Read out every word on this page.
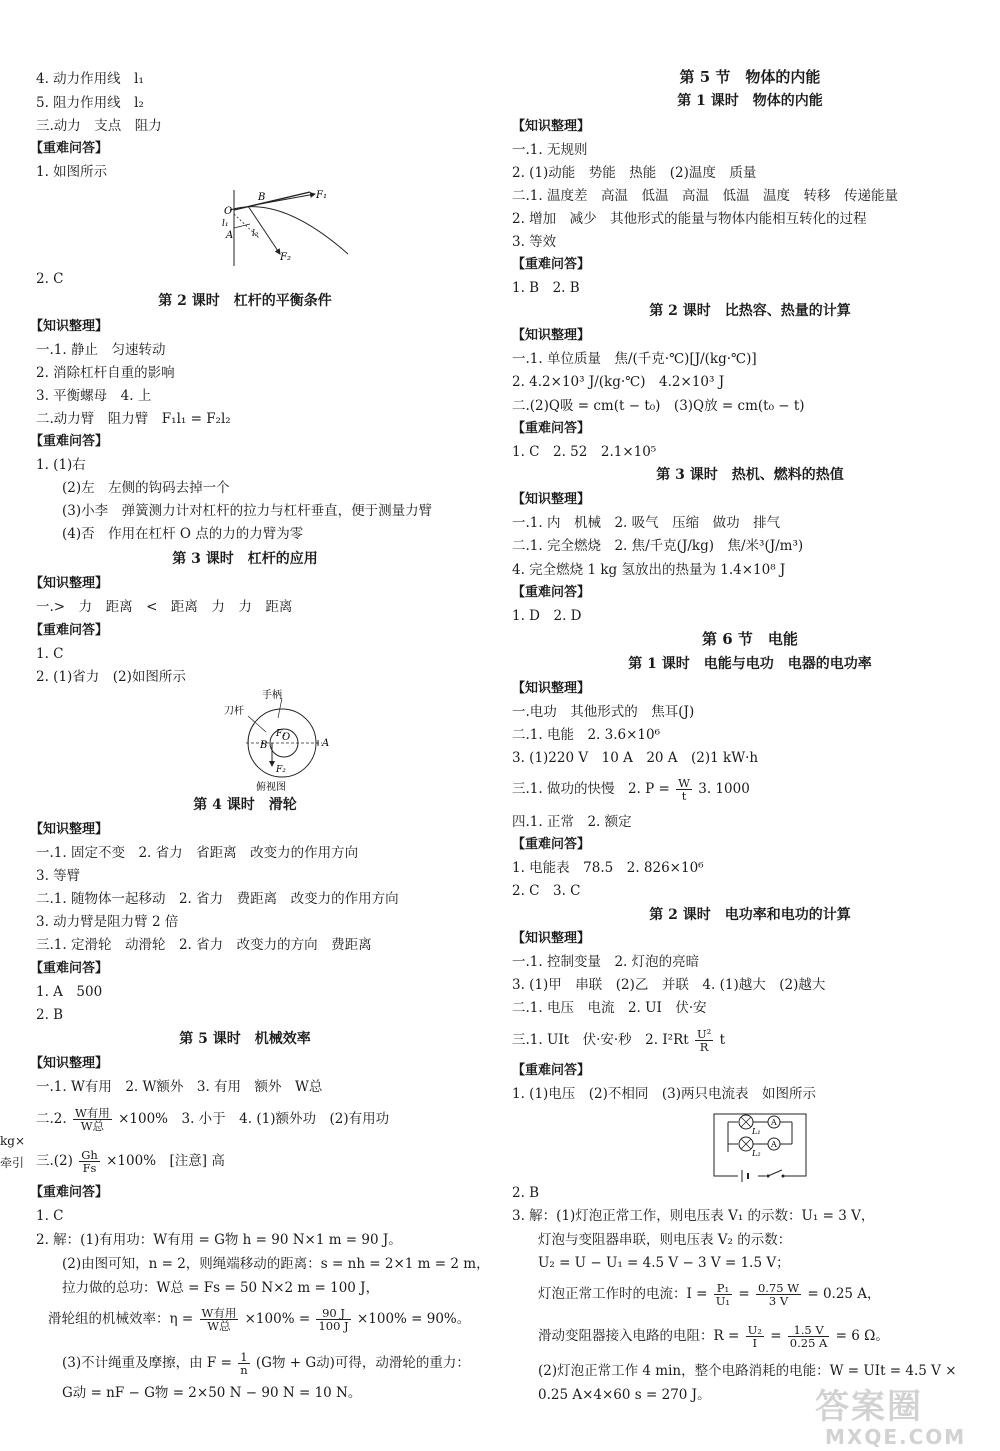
4. 动力作用线　l₁
5. 阻力作用线　l₂
三.动力　支点　阻力
【重难问答】
1. 如图所示
O
B	F₁
l₁
A l₂
F₂
2. C
第 2 课时　杠杆的平衡条件
【知识整理】
一.1. 静止　匀速转动
2. 消除杠杆自重的影响
3. 平衡螺母　4. 上
二.动力臂　阻力臂　F₁l₁ = F₂l₂
【重难问答】
1. (1)右
(2)左　左侧的钩码去掉一个
(3)小李　弹簧测力计对杠杆的拉力与杠杆垂直，便于测量力臂
(4)否　作用在杠杆 O 点的力的力臂为零
第 3 课时　杠杆的应用
【知识整理】
一.>　力　距离　<　距离　力　力　距离
【重难问答】
1. C
2. (1)省力　(2)如图所示
手柄
刀杆
B
O
A
F₁
F₂
俯视图
第 4 课时　滑轮
【知识整理】
一.1. 固定不变　2. 省力　省距离　改变力的作用方向
3. 等臂
二.1. 随物体一起移动　2. 省力　费距离　改变力的作用方向
3. 动力臂是阻力臂 2 倍
三.1. 定滑轮　动滑轮　2. 省力　改变力的方向　费距离
【重难问答】
1. A　500
2. B
第 5 课时　机械效率
【知识整理】
一.1. W有用　2. W额外　3. 有用　额外　W总
二.2. $\frac{\text{W有用}}{\text{W总}} \times 100\%$　3. 小于　4. (1)额外功　(2)有用功
三$.(2) \frac{Gh}{Fs} \times 100\%$　[注意] 高
【重难问答】
1. C
2. 解：(1)有用功：W有用 = G物 h = 90 N×1 m = 90 J。
(2)由图可知，n = 2，则绳端移动的距离：s = nh = 2×1 m = 2 m，
拉力做的总功：W总 = Fs = 50 N×2 m = 100 J，
滑轮组的机械效率：$\eta = \frac{\text{W有用}}{\text{W总}} \times 100\% = \frac{90 J}{100 J} \times 100\% = 90\%$。
(3)不计绳重及摩擦，由 $F = \frac{1}{n} (G$物 + G动)可得，动滑轮的重力：
G动 = nF − G物 = 2×50 N − 90 N = 10 N。
kg×
牵引
第 5 节　物体的内能
第 1 课时　物体的内能
【知识整理】
一.1. 无规则
2. (1)动能　势能　热能　(2)温度　质量
二.1. 温度差　高温　低温　高温　低温　温度　转移　传递能量
2. 增加　减少　其他形式的能量与物体内能相互转化的过程
3. 等效
【重难问答】
1. B　2. B
第 2 课时　比热容、热量的计算
【知识整理】
一.1. 单位质量　焦/(千克·℃)[J/(kg·℃)]
2. 4.2×10³ J/(kg·℃)　4.2×10³ J
二.(2)Q吸 = cm(t − t₀)　(3)Q放 = cm(t₀ − t)
【重难问答】
1. C　2. 52　2.1×10⁵
第 3 课时　热机、燃料的热值
【知识整理】
一.1. 内　机械　2. 吸气　压缩　做功　排气
二.1. 完全燃烧　2. 焦/千克(J/kg)　焦/米³(J/m³)
4. 完全燃烧 1 kg 氢放出的热量为 1.4×10⁸ J
【重难问答】
1. D　2. D
第 6 节　电能
第 1 课时　电能与电功　电器的电功率
【知识整理】
一.电功　其他形式的　焦耳(J)
二.1. 电能　2. 3.6×10⁶
3. (1)220 V　10 A　20 A　(2)1 kW·h
三.1. 做功的快慢　2. $P = \frac{W}{t} 3$. 1000
四.1. 正常　2. 额定
【重难问答】
1. 电能表　78.5　2. 826×10⁶
2. C　3. C
第 2 课时　电功率和电功的计算
【知识整理】
一.1. 控制变量　2. 灯泡的亮暗
3. (1)甲　串联　(2)乙　并联　4. (1)越大　(2)越大
二.1. 电压　电流　2. UI　伏·安
三.1. UIt　伏·安·秒　2. $I^2Rt \frac{\text{U²}}{R}$ t
【重难问答】
1. (1)电压　(2)不相同　(3)两只电流表　如图所示
L₁
L₂
A
A
2. B
3. 解：(1)灯泡正常工作，则电压表 V₁ 的示数：U₁ = 3 V，
灯泡与变阻器串联，则电压表 V₂ 的示数：
U₂ = U − U₁ = 4.5 V − 3 V = 1.5 V；
灯泡正常工作时的电流：$I = \frac{\text{P₁}}{\text{U₁}} = \frac{0.75 W}{3 V} = 0.25$ A，
滑动变阻器接入电路的电阻：$R = \frac{\text{U₂}}{I} = \frac{1.5 V}{0.25 A} = 6$ Ω。
(2)灯泡正常工作 4 min，整个电路消耗的电能：W = UIt = 4.5 V ×
0.25 A×4×60 s = 270 J。	答案圈
MXQE.COM
